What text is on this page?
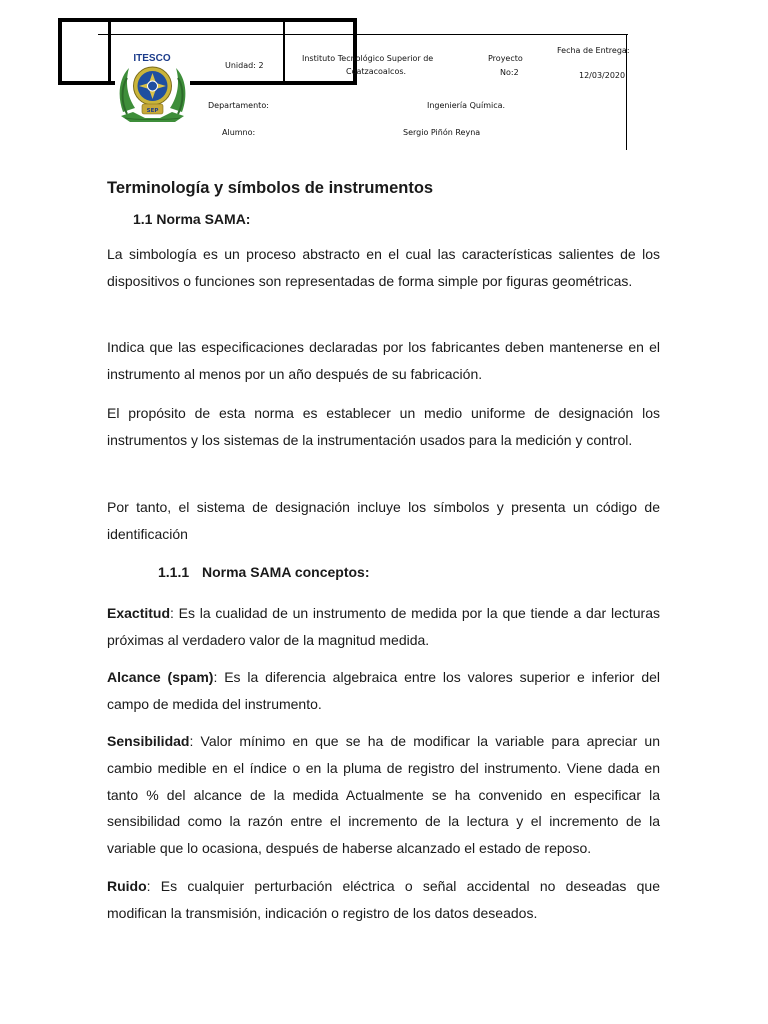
ITESCO
SEP
Unidad: 2
Instituto Tecnológico Superior de
Coatzacoalcos.
Proyecto
No:2
Fecha de Entrega:
12/03/2020
Departamento:	Ingeniería Química.
Alumno:	Sergio Piñón Reyna
Terminología y símbolos de instrumentos
1.1 Norma SAMA:

La simbología es un proceso abstracto en el cual las características salientes de los dispositivos o funciones son representadas de forma simple por figuras geométricas.

Indica que las especificaciones declaradas por los fabricantes deben mantenerse en el instrumento al menos por un año después de su fabricación.

El propósito de esta norma es establecer un medio uniforme de designación los instrumentos y los sistemas de la instrumentación usados para la medición y control.

Por tanto, el sistema de designación incluye los símbolos y presenta un código de identificación

1.1.1 Norma SAMA conceptos:

Exactitud: Es la cualidad de un instrumento de medida por la que tiende a dar lecturas próximas al verdadero valor de la magnitud medida.

Alcance (spam): Es la diferencia algebraica entre los valores superior e inferior del campo de medida del instrumento.

Sensibilidad: Valor mínimo en que se ha de modificar la variable para apreciar un cambio medible en el índice o en la pluma de registro del instrumento. Viene dada en tanto % del alcance de la medida Actualmente se ha convenido en especificar la sensibilidad como la razón entre el incremento de la lectura y el incremento de la variable que lo ocasiona, después de haberse alcanzado el estado de reposo.

Ruido: Es cualquier perturbación eléctrica o señal accidental no deseadas que modifican la transmisión, indicación o registro de los datos deseados.
